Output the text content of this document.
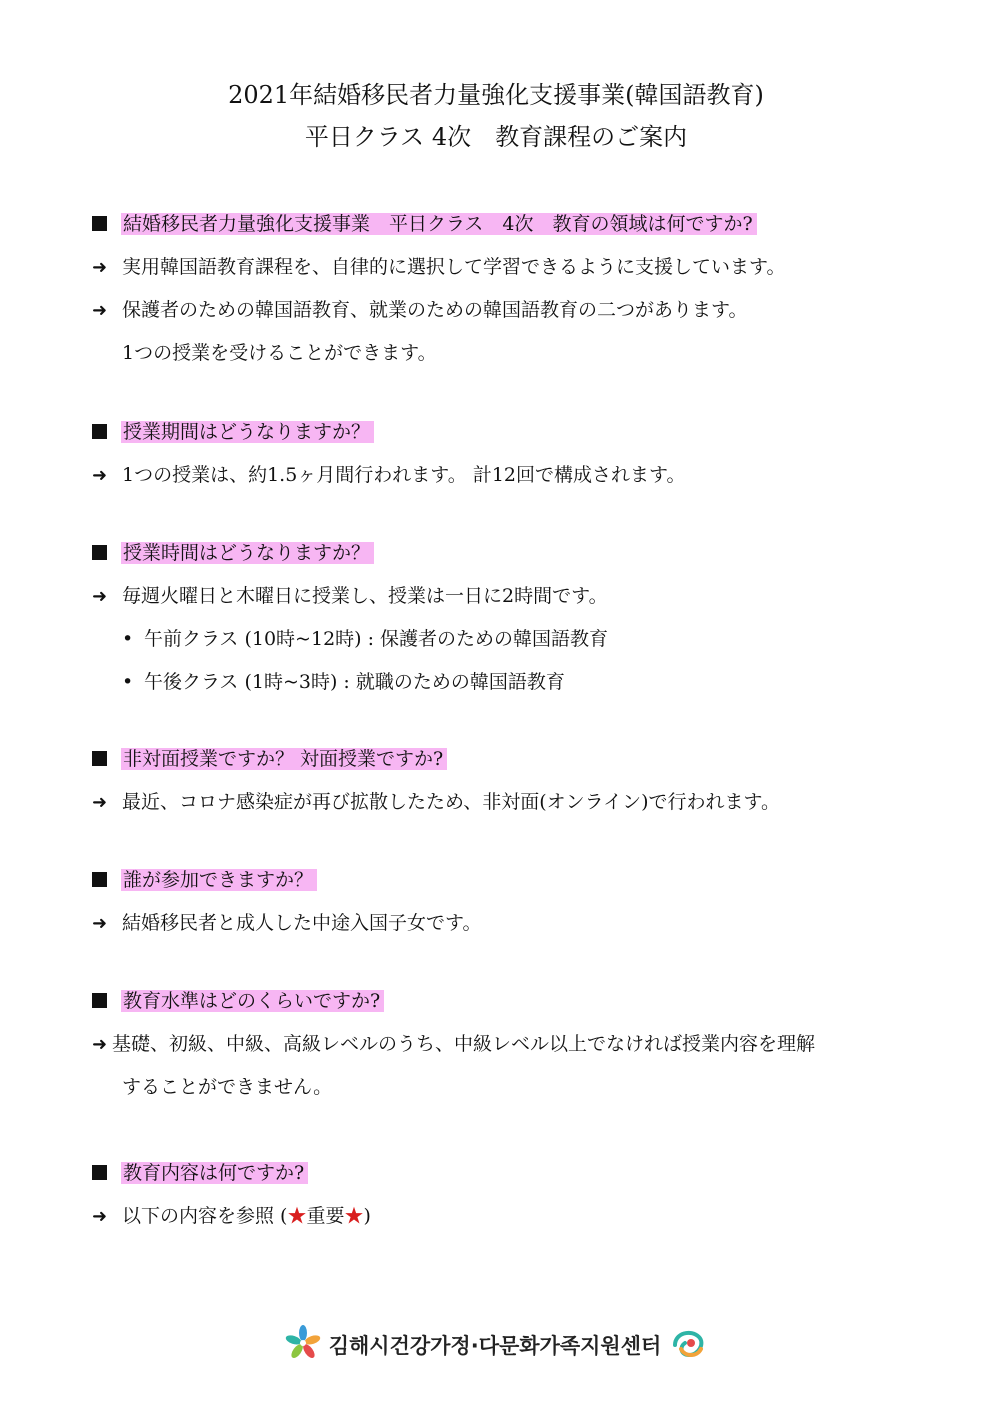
2021年結婚移民者力量強化支援事業(韓国語教育)
平日クラス 4次　教育課程のご案内
結婚移民者力量強化支援事業　平日クラス　4次　教育の領域は何ですか?
➜ 実用韓国語教育課程を、自律的に選択して学習できるように支援しています。
➜ 保護者のための韓国語教育、就業のための韓国語教育の二つがあります。
1つの授業を受けることができます。
授業期間はどうなりますか？
➜ 1つの授業は、約1.5ヶ月間行われます。 計12回で構成されます。
授業時間はどうなりますか？
➜ 毎週火曜日と木曜日に授業し、授業は一日に2時間です。
• 午前クラス (10時~12時) : 保護者のための韓国語教育
• 午後クラス (1時~3時) : 就職のための韓国語教育
非対面授業ですか？ 対面授業ですか?
➜ 最近、コロナ感染症が再び拡散したため、非対面(オンライン)で行われます。
誰が参加できますか？
➜ 結婚移民者と成人した中途入国子女です。
教育水準はどのくらいですか?
➜ 基礎、初級、中級、高級レベルのうち、中級レベル以上でなければ授業内容を理解
することができません。
教育内容は何ですか?
➜ 以下の内容を参照 (★重要★)
김해시건강가정·다문화가족지원센터
